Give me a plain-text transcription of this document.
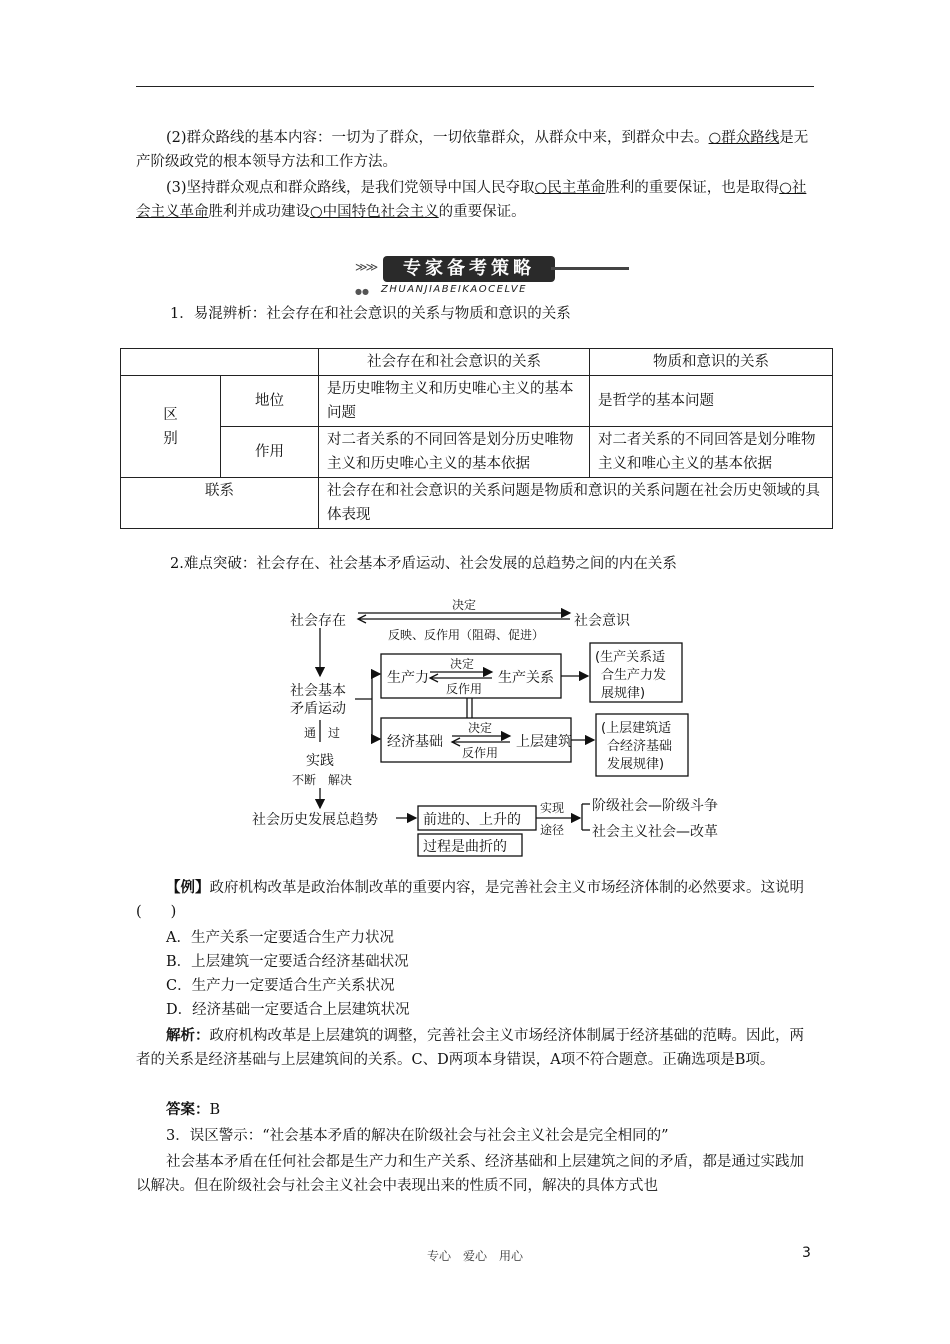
(2)群众路线的基本内容：一切为了群众，一切依靠群众，从群众中来，到群众中去。○群众路线是无产阶级政党的根本领导方法和工作方法。
(3)坚持群众观点和群众路线，是我们党领导中国人民夺取○民主革命胜利的重要保证，也是取得○社会主义革命胜利并成功建设○中国特色社会主义的重要保证。
≫≫	专家备考策略
●● ZHUANJIABEIKAOCELVE
1．易混辨析：社会存在和社会意识的关系与物质和意识的关系
		社会存在和社会意识的关系	物质和意识的关系
区
别	地位	是历史唯物主义和历史唯心主义的基本问题	是哲学的基本问题
	作用	对二者关系的不同回答是划分历史唯物主义和历史唯心主义的基本依据	对二者关系的不同回答是划分唯物主义和唯心主义的基本依据
联系		社会存在和社会意识的关系问题是物质和意识的关系问题在社会历史领域的具体表现	
2.难点突破：社会存在、社会基本矛盾运动、社会发展的总趋势之间的内在关系
社会存在
决定
社会意识
反映、反作用（阻碍、促进）
社会基本
矛盾运动
生产力
决定
反作用
生产关系
(生产关系适
合生产力发
展规律)
经济基础
决定
反作用
上层建筑
(上层建筑适
合经济基础
发展规律)
通　过
实践
不断　解决
社会历史发展总趋势	前进的、上升的
过程是曲折的
实现
途径
阶级社会—阶级斗争
社会主义社会—改革
【例】政府机构改革是政治体制改革的重要内容，是完善社会主义市场经济体制的必然要求。这说明(　　)
A．生产关系一定要适合生产力状况
B．上层建筑一定要适合经济基础状况
C．生产力一定要适合生产关系状况
D．经济基础一定要适合上层建筑状况
解析：政府机构改革是上层建筑的调整，完善社会主义市场经济体制属于经济基础的范畴。因此，两者的关系是经济基础与上层建筑间的关系。C、D两项本身错误，A项不符合题意。正确选项是B项。
答案：B
3．误区警示：“社会基本矛盾的解决在阶级社会与社会主义社会是完全相同的”
社会基本矛盾在任何社会都是生产力和生产关系、经济基础和上层建筑之间的矛盾，都是通过实践加以解决。但在阶级社会与社会主义社会中表现出来的性质不同，解决的具体方式也
专心　爱心　用心	3
